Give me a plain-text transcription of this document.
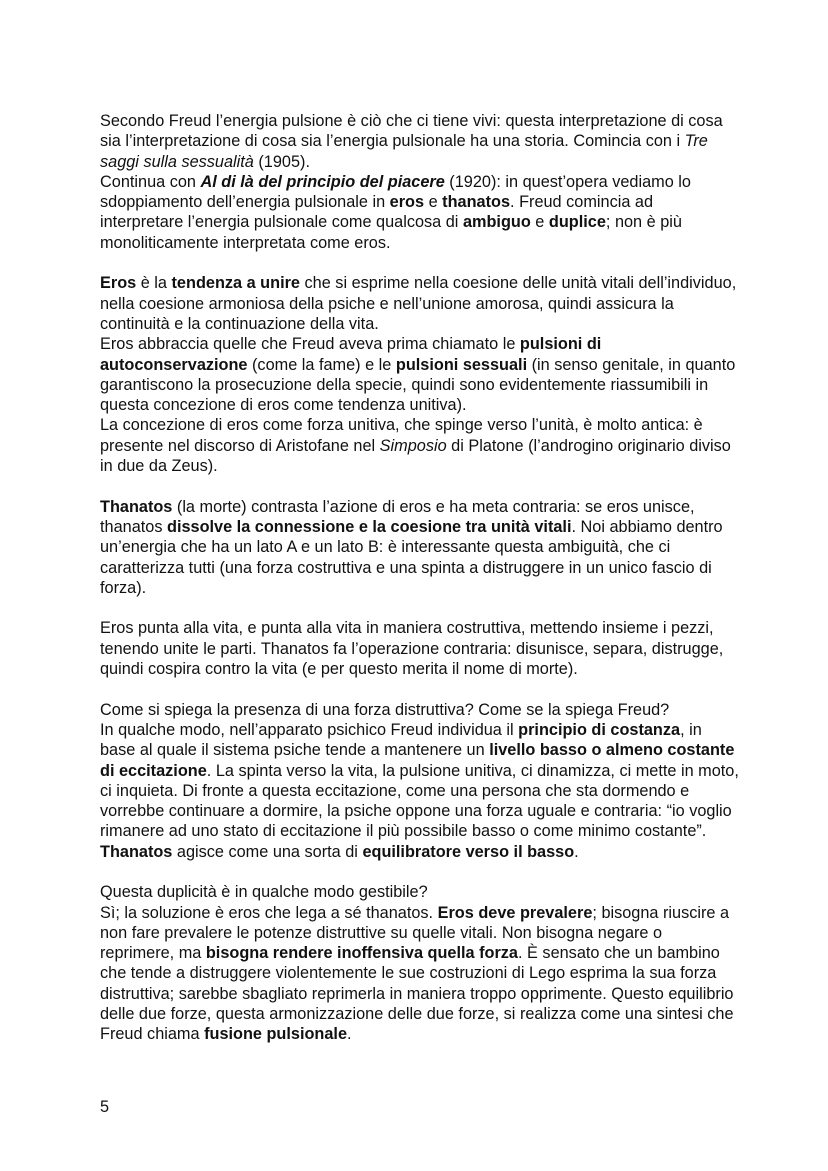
Secondo Freud l’energia pulsione è ciò che ci tiene vivi: questa interpretazione di cosa sia l’interpretazione di cosa sia l’energia pulsionale ha una storia. Comincia con i Tre saggi sulla sessualità (1905).

Continua con Al di là del principio del piacere (1920): in quest’opera vediamo lo sdoppiamento dell’energia pulsionale in eros e thanatos. Freud comincia ad interpretare l’energia pulsionale come qualcosa di ambiguo e duplice; non è più monoliticamente interpretata come eros.

Eros è la tendenza a unire che si esprime nella coesione delle unità vitali dell’individuo, nella coesione armoniosa della psiche e nell’unione amorosa, quindi assicura la continuità e la continuazione della vita.

Eros abbraccia quelle che Freud aveva prima chiamato le pulsioni di autoconservazione (come la fame) e le pulsioni sessuali (in senso genitale, in quanto garantiscono la prosecuzione della specie, quindi sono evidentemente riassumibili in questa concezione di eros come tendenza unitiva).

La concezione di eros come forza unitiva, che spinge verso l’unità, è molto antica: è presente nel discorso di Aristofane nel Simposio di Platone (l’androgino originario diviso in due da Zeus).

Thanatos (la morte) contrasta l’azione di eros e ha meta contraria: se eros unisce, thanatos dissolve la connessione e la coesione tra unità vitali. Noi abbiamo dentro un’energia che ha un lato A e un lato B: è interessante questa ambiguità, che ci caratterizza tutti (una forza costruttiva e una spinta a distruggere in un unico fascio di forza).

Eros punta alla vita, e punta alla vita in maniera costruttiva, mettendo insieme i pezzi, tenendo unite le parti. Thanatos fa l’operazione contraria: disunisce, separa, distrugge, quindi cospira contro la vita (e per questo merita il nome di morte).

Come si spiega la presenza di una forza distruttiva? Come se la spiega Freud?

In qualche modo, nell’apparato psichico Freud individua il principio di costanza, in base al quale il sistema psiche tende a mantenere un livello basso o almeno costante di eccitazione. La spinta verso la vita, la pulsione unitiva, ci dinamizza, ci mette in moto, ci inquieta. Di fronte a questa eccitazione, come una persona che sta dormendo e vorrebbe continuare a dormire, la psiche oppone una forza uguale e contraria: “io voglio rimanere ad uno stato di eccitazione il più possibile basso o come minimo costante”. Thanatos agisce come una sorta di equilibratore verso il basso.

Questa duplicità è in qualche modo gestibile?

Sì; la soluzione è eros che lega a sé thanatos. Eros deve prevalere; bisogna riuscire a non fare prevalere le potenze distruttive su quelle vitali. Non bisogna negare o reprimere, ma bisogna rendere inoffensiva quella forza. È sensato che un bambino che tende a distruggere violentemente le sue costruzioni di Lego esprima la sua forza distruttiva; sarebbe sbagliato reprimerla in maniera troppo opprimente. Questo equilibrio delle due forze, questa armonizzazione delle due forze, si realizza come una sintesi che Freud chiama fusione pulsionale.

5
